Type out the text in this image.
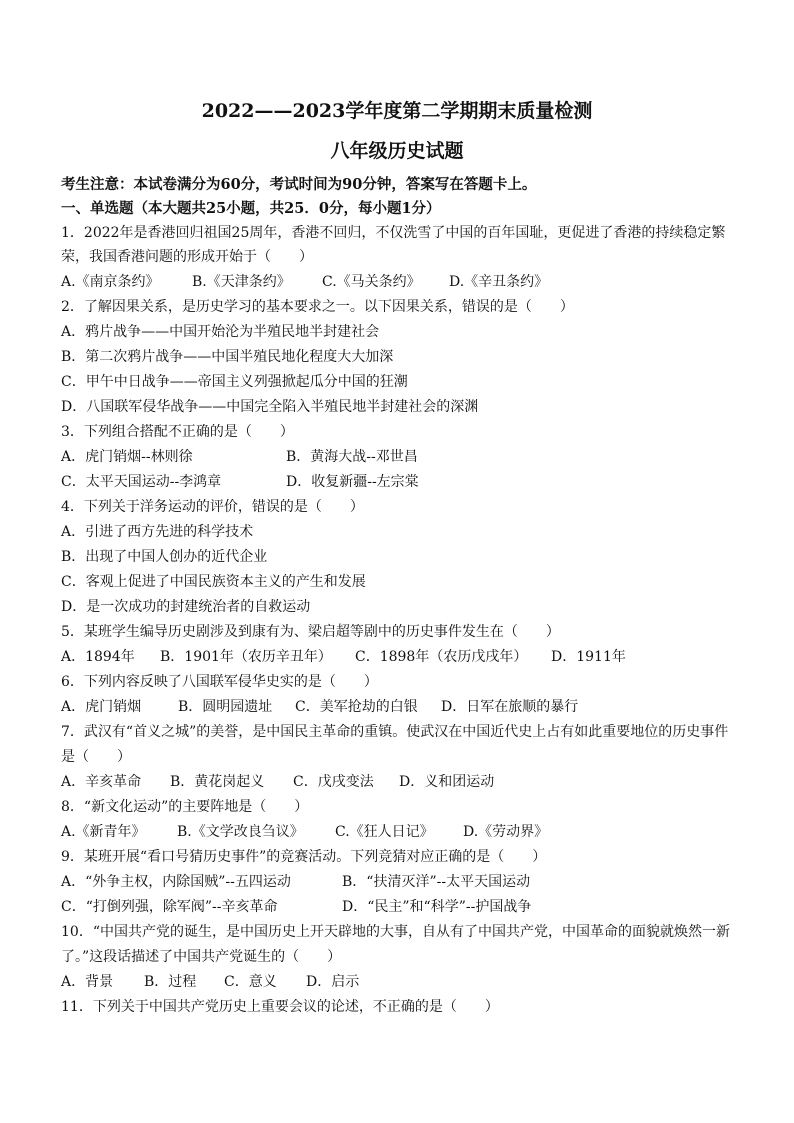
2022——2023学年度第二学期期末质量检测
八年级历史试题
考生注意：本试卷满分为60分，考试时间为90分钟，答案写在答题卡上。
一、单选题（本大题共25小题，共25．0分，每小题1分）
1．2022年是香港回归祖国25周年，香港不回归，不仅洗雪了中国的百年国耻，更促进了香港的持续稳定繁
荣，我国香港问题的形成开始于（　　）
A.《南京条约》 B.《天津条约》 C.《马关条约》 D.《辛丑条约》
2．了解因果关系，是历史学习的基本要求之一。以下因果关系，错误的是（　　）
A．鸦片战争——中国开始沦为半殖民地半封建社会
B．第二次鸦片战争——中国半殖民地化程度大大加深
C．甲午中日战争——帝国主义列强掀起瓜分中国的狂潮
D．八国联军侵华战争——中国完全陷入半殖民地半封建社会的深渊
3．下列组合搭配不正确的是（　　）
A．虎门销烟--林则徐	B．黄海大战--邓世昌
C．太平天国运动--李鸿章	D．收复新疆--左宗棠
4．下列关于洋务运动的评价，错误的是（　　）
A．引进了西方先进的科学技术
B．出现了中国人创办的近代企业
C．客观上促进了中国民族资本主义的产生和发展
D．是一次成功的封建统治者的自救运动
5．某班学生编导历史剧涉及到康有为、梁启超等剧中的历史事件发生在（　　）
A．1894年 B．1901年（农历辛丑年） C．1898年（农历戊戌年） D．1911年
6．下列内容反映了八国联军侵华史实的是（　　）
A．虎门销烟	B．圆明园遗址 C．美军抢劫的白银 D．日军在旅顺的暴行
7．武汉有“首义之城”的美誉，是中国民主革命的重镇。使武汉在中国近代史上占有如此重要地位的历史事件
是（　　）
A．辛亥革命 B．黄花岗起义 C．戊戌变法 D．义和团运动
8．“新文化运动”的主要阵地是（　　）
A.《新青年》 B.《文学改良刍议》 C.《狂人日记》 D.《劳动界》
9．某班开展“看口号猜历史事件”的竞赛活动。下列竞猜对应正确的是（　　）
A．“外争主权，内除国贼”--五四运动	B．“扶清灭洋”--太平天国运动
C．“打倒列强，除军阀”--辛亥革命	D．“民主”和“科学”--护国战争
10．“中国共产党的诞生，是中国历史上开天辟地的大事，自从有了中国共产党，中国革命的面貌就焕然一新
了。”这段话描述了中国共产党诞生的（　　）
A．背景 B．过程 C．意义 D．启示
11．下列关于中国共产党历史上重要会议的论述，不正确的是（　　）
